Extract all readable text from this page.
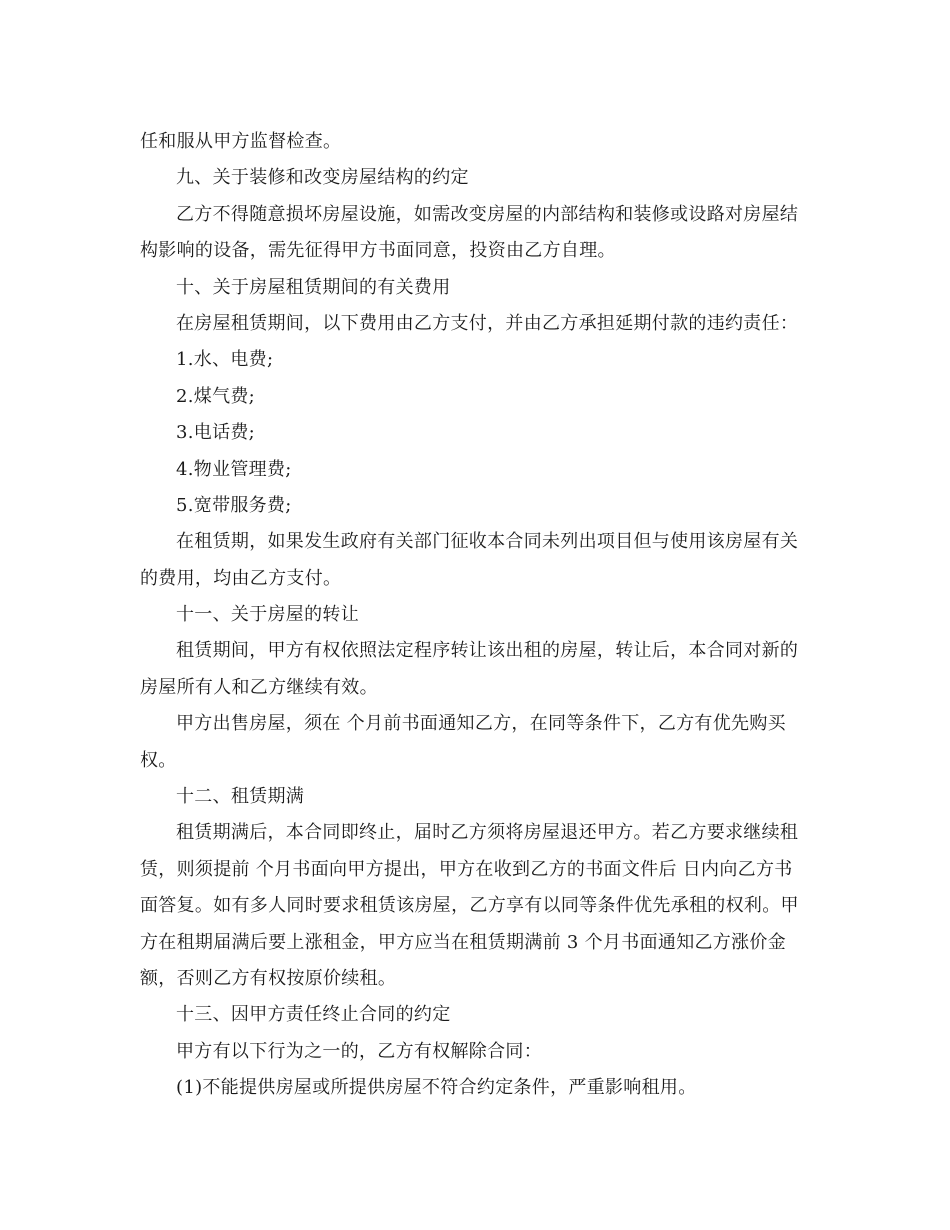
任和服从甲方监督检查。
九、关于装修和改变房屋结构的约定
乙方不得随意损坏房屋设施，如需改变房屋的内部结构和装修或设路对房屋结
构影响的设备，需先征得甲方书面同意，投资由乙方自理。
十、关于房屋租赁期间的有关费用
在房屋租赁期间，以下费用由乙方支付，并由乙方承担延期付款的违约责任：
1.水、电费;
2.煤气费;
3.电话费;
4.物业管理费;
5.宽带服务费;
在租赁期，如果发生政府有关部门征收本合同未列出项目但与使用该房屋有关
的费用，均由乙方支付。
十一、关于房屋的转让
租赁期间，甲方有权依照法定程序转让该出租的房屋，转让后，本合同对新的
房屋所有人和乙方继续有效。
甲方出售房屋，须在 个月前书面通知乙方，在同等条件下，乙方有优先购买
权。
十二、租赁期满
租赁期满后，本合同即终止，届时乙方须将房屋退还甲方。若乙方要求继续租
赁，则须提前 个月书面向甲方提出，甲方在收到乙方的书面文件后 日内向乙方书
面答复。如有多人同时要求租赁该房屋，乙方享有以同等条件优先承租的权利。甲
方在租期届满后要上涨租金，甲方应当在租赁期满前 3 个月书面通知乙方涨价金
额，否则乙方有权按原价续租。
十三、因甲方责任终止合同的约定
甲方有以下行为之一的，乙方有权解除合同：
(1)不能提供房屋或所提供房屋不符合约定条件，严重影响租用。
